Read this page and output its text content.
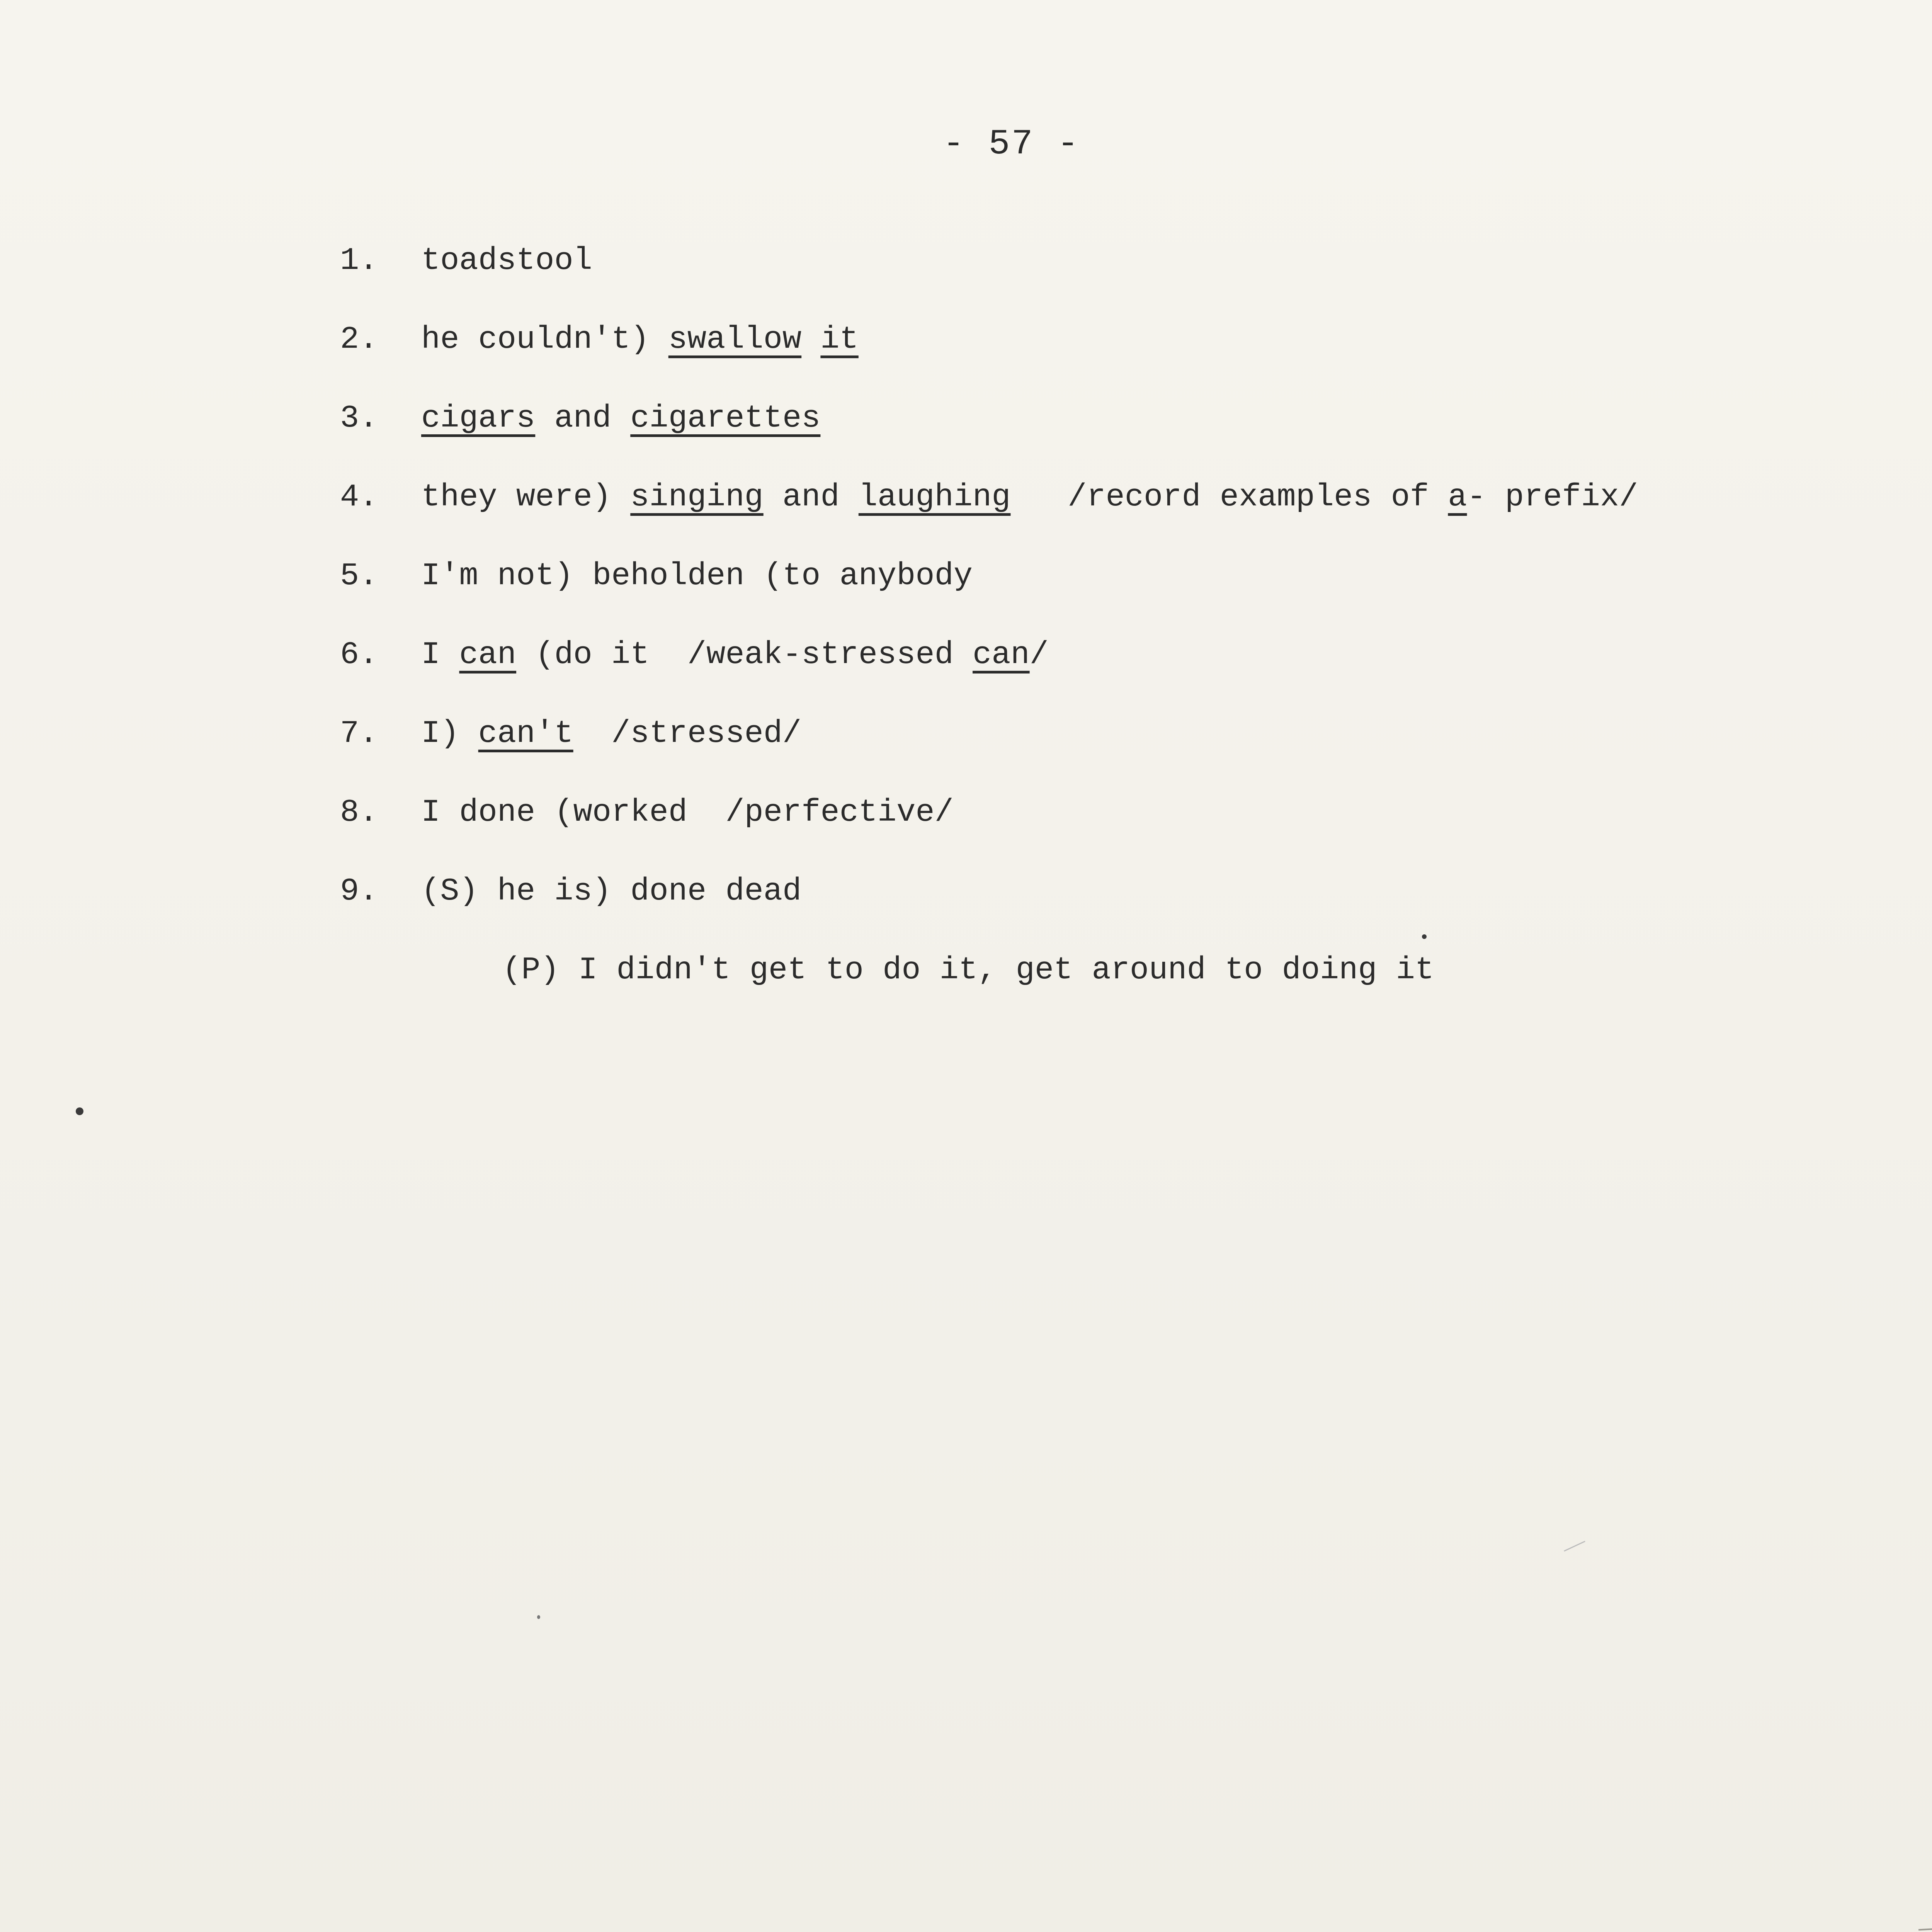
- 57 -
1.	toadstool
2.	he couldn't) swallow it
3.	cigars and cigarettes
4.	they were) singing and laughing   /record examples of a- prefix/
5.	I'm not) beholden (to anybody
6.	I can (do it  /weak-stressed can/
7.	I) can't  /stressed/
8.	I done (worked  /perfective/
9.	(S) he is) done dead
(P) I didn't get to do it, get around to doing it
